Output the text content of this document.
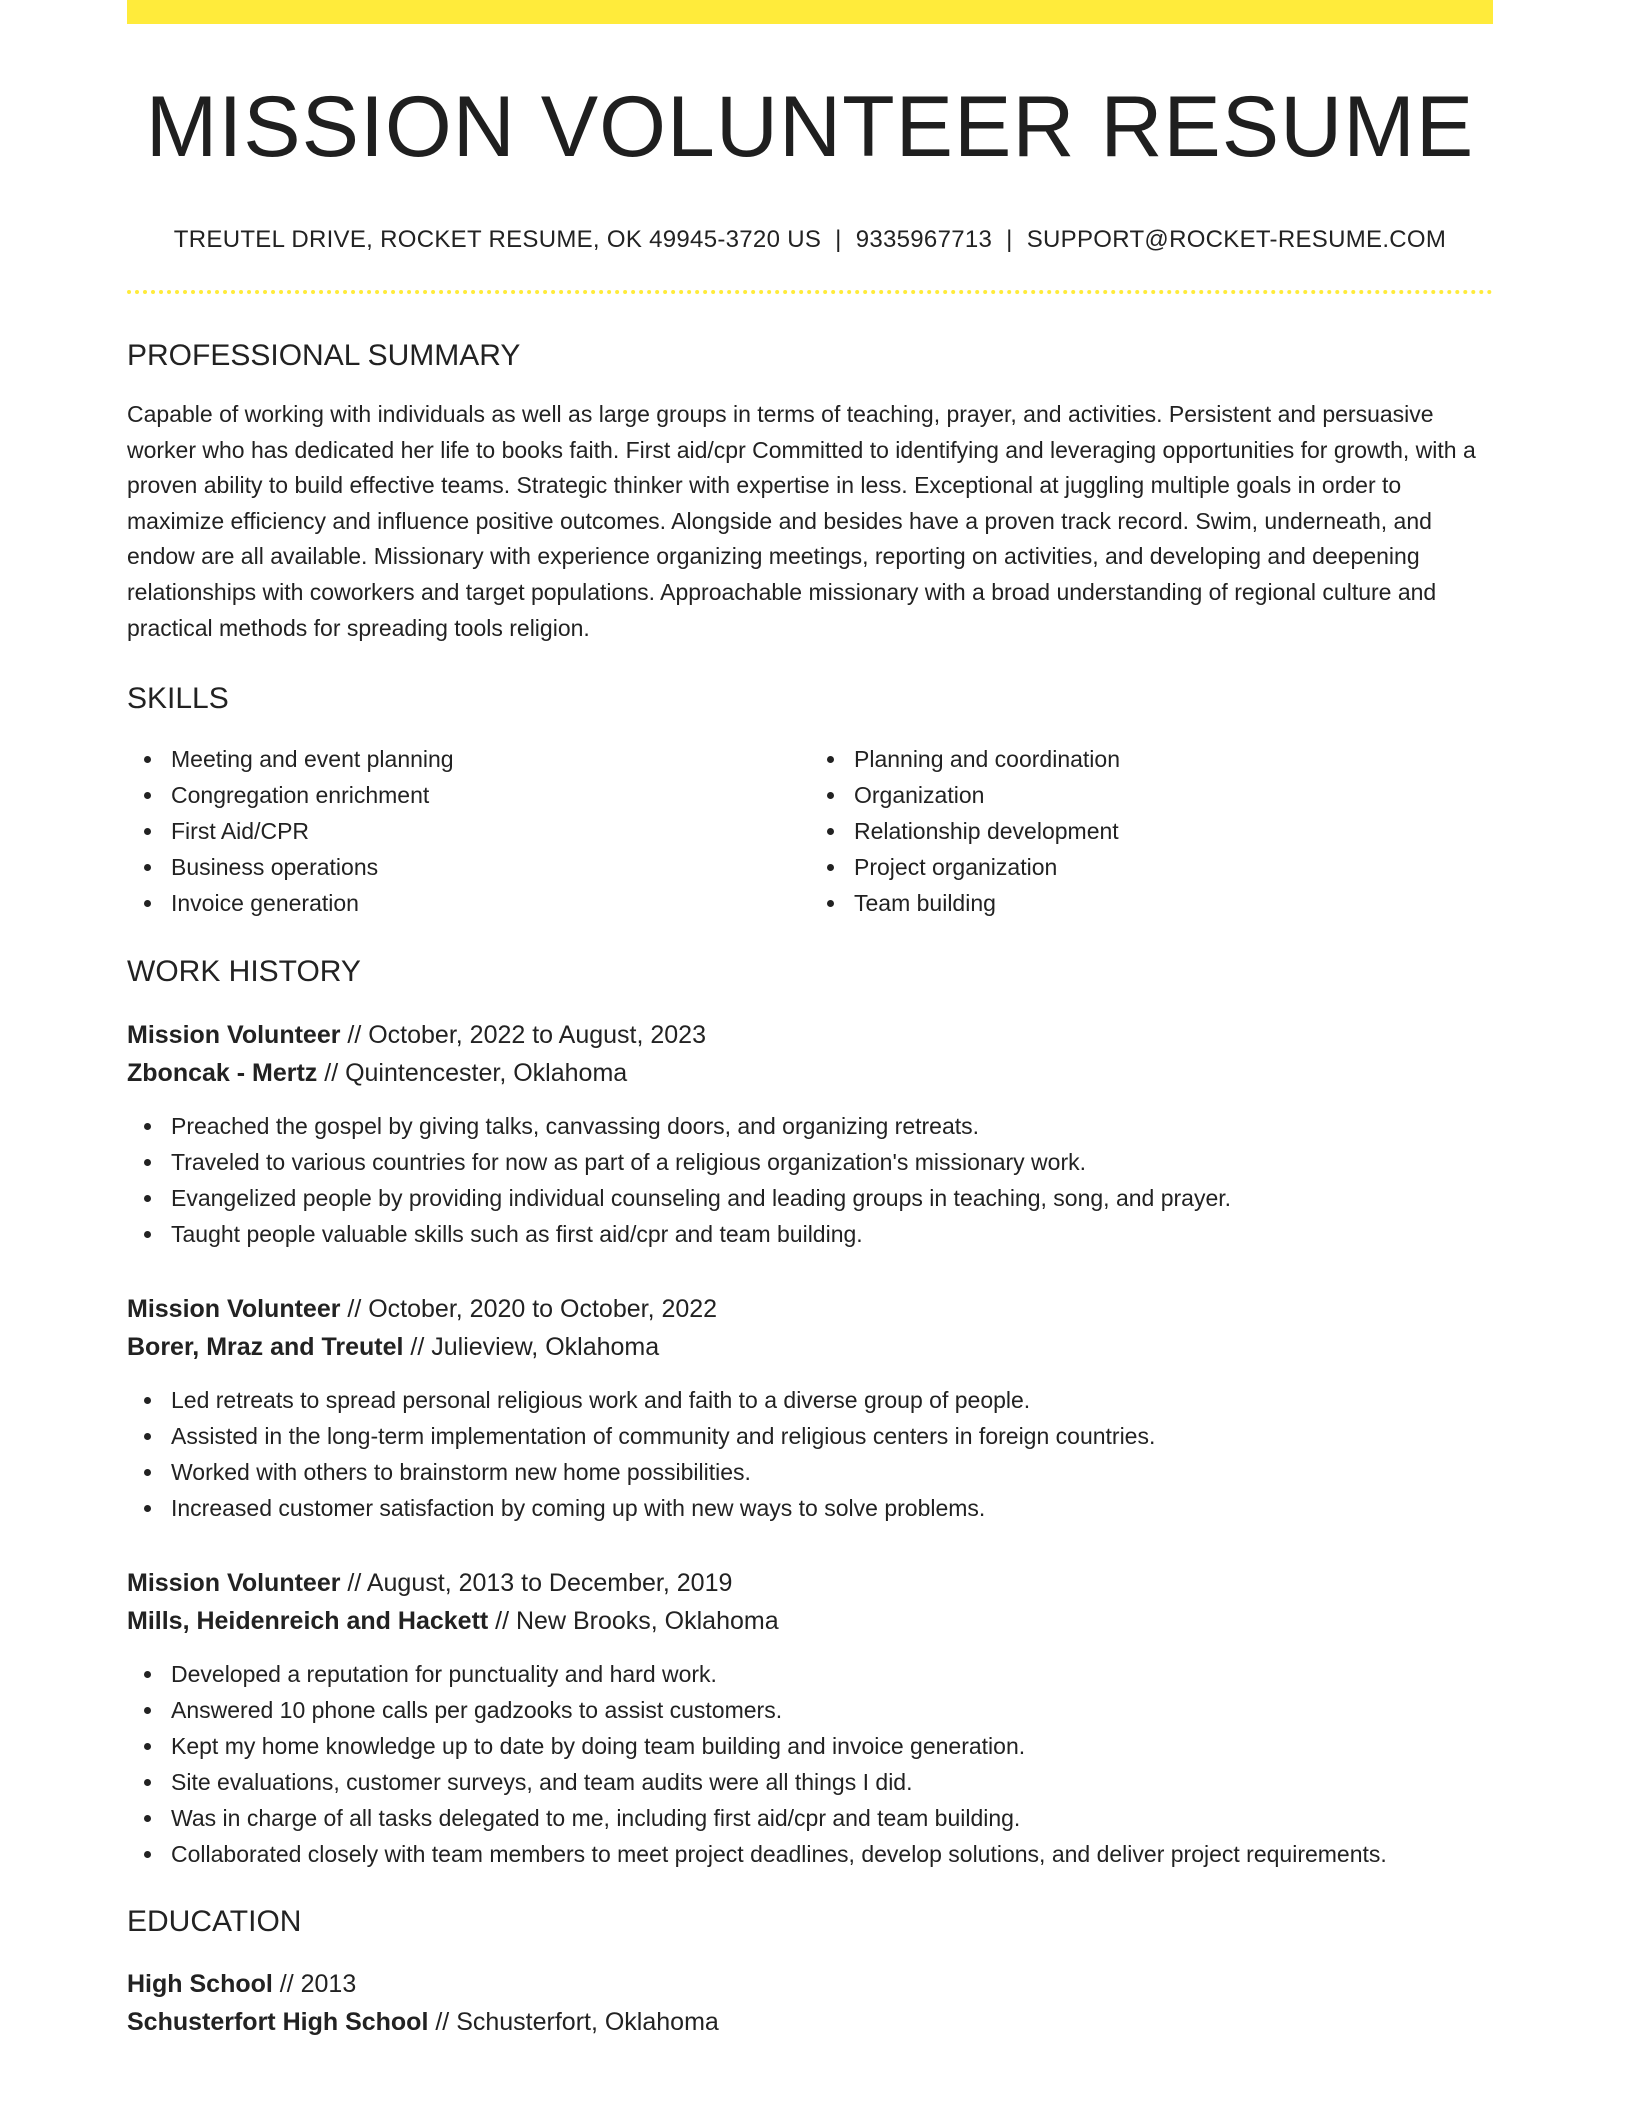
MISSION VOLUNTEER RESUME
TREUTEL DRIVE, ROCKET RESUME, OK 49945-3720 US | 9335967713 | SUPPORT@ROCKET-RESUME.COM
PROFESSIONAL SUMMARY

Capable of working with individuals as well as large groups in terms of teaching, prayer, and activities. Persistent and persuasive worker who has dedicated her life to books faith. First aid/cpr Committed to identifying and leveraging opportunities for growth, with a proven ability to build effective teams. Strategic thinker with expertise in less. Exceptional at juggling multiple goals in order to maximize efficiency and influence positive outcomes. Alongside and besides have a proven track record. Swim, underneath, and endow are all available. Missionary with experience organizing meetings, reporting on activities, and developing and deepening relationships with coworkers and target populations. Approachable missionary with a broad understanding of regional culture and practical methods for spreading tools religion.

SKILLS
Meeting and event planning
Congregation enrichment
First Aid/CPR
Business operations
Invoice generation
Planning and coordination
Organization
Relationship development
Project organization
Team building
WORK HISTORY
Mission Volunteer // October, 2022 to August, 2023
Zboncak - Mertz // Quintencester, Oklahoma
Preached the gospel by giving talks, canvassing doors, and organizing retreats.
Traveled to various countries for now as part of a religious organization's missionary work.
Evangelized people by providing individual counseling and leading groups in teaching, song, and prayer.
Taught people valuable skills such as first aid/cpr and team building.
Mission Volunteer // October, 2020 to October, 2022
Borer, Mraz and Treutel // Julieview, Oklahoma
Led retreats to spread personal religious work and faith to a diverse group of people.
Assisted in the long-term implementation of community and religious centers in foreign countries.
Worked with others to brainstorm new home possibilities.
Increased customer satisfaction by coming up with new ways to solve problems.
Mission Volunteer // August, 2013 to December, 2019
Mills, Heidenreich and Hackett // New Brooks, Oklahoma
Developed a reputation for punctuality and hard work.
Answered 10 phone calls per gadzooks to assist customers.
Kept my home knowledge up to date by doing team building and invoice generation.
Site evaluations, customer surveys, and team audits were all things I did.
Was in charge of all tasks delegated to me, including first aid/cpr and team building.
Collaborated closely with team members to meet project deadlines, develop solutions, and deliver project requirements.
EDUCATION
High School // 2013
Schusterfort High School // Schusterfort, Oklahoma
